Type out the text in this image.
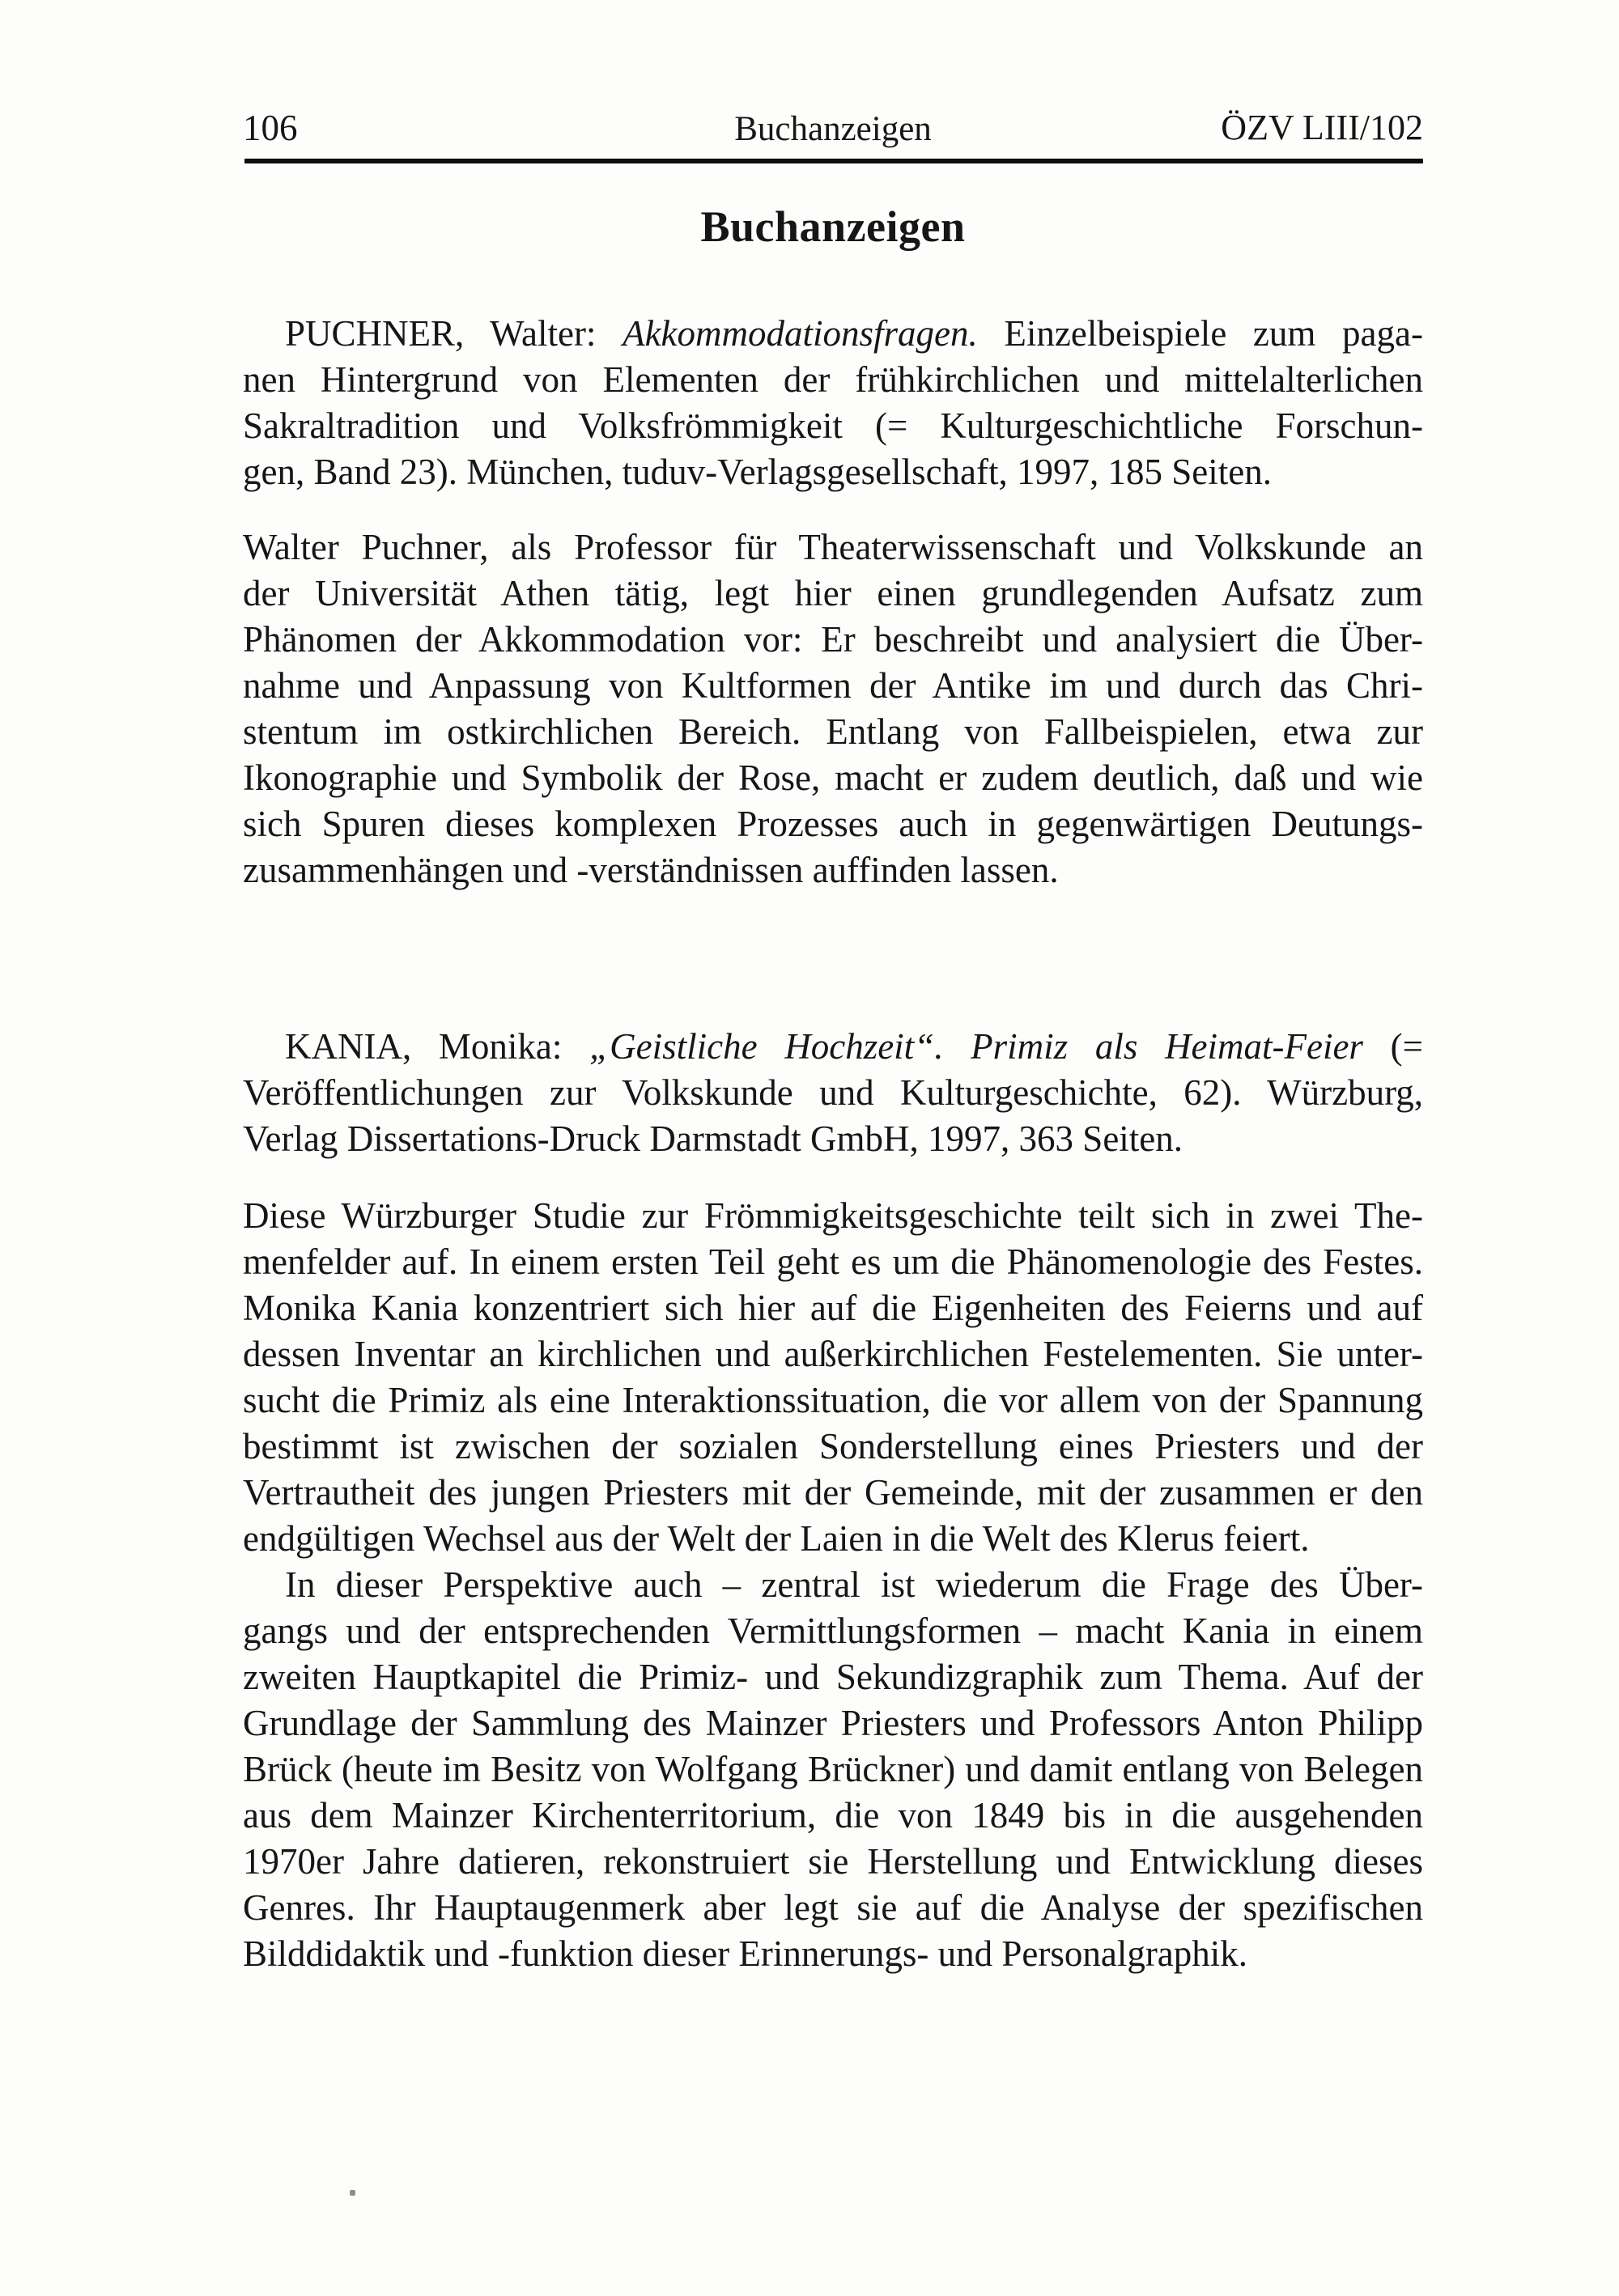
106	Buchanzeigen	ÖZV LIII/102
Buchanzeigen
PUCHNER, Walter: Akkommodationsfragen. Einzelbeispiele zum paga-
nen Hintergrund von Elementen der frühkirchlichen und mittelalterlichen
Sakraltradition und Volksfrömmigkeit (= Kulturgeschichtliche Forschun-
gen, Band 23). München, tuduv-Verlagsgesellschaft, 1997, 185 Seiten.
Walter Puchner, als Professor für Theaterwissenschaft und Volkskunde an
der Universität Athen tätig, legt hier einen grundlegenden Aufsatz zum
Phänomen der Akkommodation vor: Er beschreibt und analysiert die Über-
nahme und Anpassung von Kultformen der Antike im und durch das Chri-
stentum im ostkirchlichen Bereich. Entlang von Fallbeispielen, etwa zur
Ikonographie und Symbolik der Rose, macht er zudem deutlich, daß und wie
sich Spuren dieses komplexen Prozesses auch in gegenwärtigen Deutungs-
zusammenhängen und -verständnissen auffinden lassen.
KANIA, Monika: „Geistliche Hochzeit“. Primiz als Heimat-Feier (=
Veröffentlichungen zur Volkskunde und Kulturgeschichte, 62). Würzburg,
Verlag Dissertations-Druck Darmstadt GmbH, 1997, 363 Seiten.
Diese Würzburger Studie zur Frömmigkeitsgeschichte teilt sich in zwei The-
menfelder auf. In einem ersten Teil geht es um die Phänomenologie des Festes.
Monika Kania konzentriert sich hier auf die Eigenheiten des Feierns und auf
dessen Inventar an kirchlichen und außerkirchlichen Festelementen. Sie unter-
sucht die Primiz als eine Interaktionssituation, die vor allem von der Spannung
bestimmt ist zwischen der sozialen Sonderstellung eines Priesters und der
Vertrautheit des jungen Priesters mit der Gemeinde, mit der zusammen er den
endgültigen Wechsel aus der Welt der Laien in die Welt des Klerus feiert.
In dieser Perspektive auch – zentral ist wiederum die Frage des Über-
gangs und der entsprechenden Vermittlungsformen – macht Kania in einem
zweiten Hauptkapitel die Primiz- und Sekundizgraphik zum Thema. Auf der
Grundlage der Sammlung des Mainzer Priesters und Professors Anton Philipp
Brück (heute im Besitz von Wolfgang Brückner) und damit entlang von Belegen
aus dem Mainzer Kirchenterritorium, die von 1849 bis in die ausgehenden
1970er Jahre datieren, rekonstruiert sie Herstellung und Entwicklung dieses
Genres. Ihr Hauptaugenmerk aber legt sie auf die Analyse der spezifischen
Bilddidaktik und -funktion dieser Erinnerungs- und Personalgraphik.
